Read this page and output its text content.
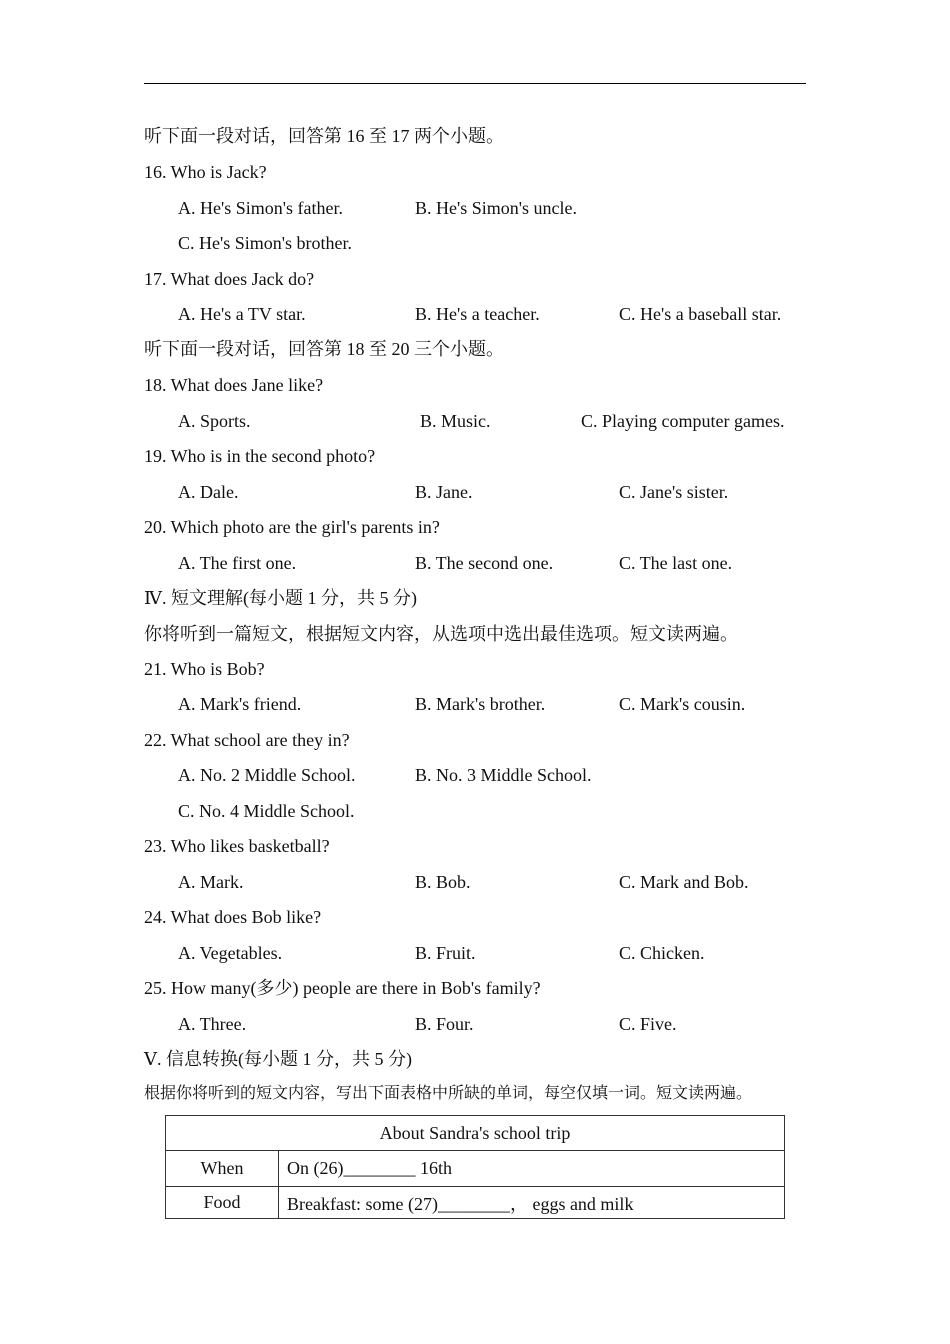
听下面一段对话，回答第 16 至 17 两个小题。
16. Who is Jack?
A. He's Simon's father.	B. He's Simon's uncle.
C. He's Simon's brother.
17. What does Jack do?
A. He's a TV star.	B. He's a teacher.	C. He's a baseball star.
听下面一段对话，回答第 18 至 20 三个小题。
18. What does Jane like?
A. Sports.	B. Music.	C. Playing computer games.
19. Who is in the second photo?
A. Dale.	B. Jane.	C. Jane's sister.
20. Which photo are the girl's parents in?
A. The first one.	B. The second one.	C. The last one.
Ⅳ. 短文理解(每小题 1 分，共 5 分)
你将听到一篇短文，根据短文内容，从选项中选出最佳选项。短文读两遍。
21. Who is Bob?
A. Mark's friend.	B. Mark's brother.	C. Mark's cousin.
22. What school are they in?
A. No. 2 Middle School.	B. No. 3 Middle School.
C. No. 4 Middle School.
23. Who likes basketball?
A. Mark.	B. Bob.	C. Mark and Bob.
24. What does Bob like?
A. Vegetables.	B. Fruit.	C. Chicken.
25. How many(多少) people are there in Bob's family?
A. Three.	B. Four.	C. Five.
Ⅴ. 信息转换(每小题 1 分，共 5 分)
根据你将听到的短文内容，写出下面表格中所缺的单词，每空仅填一词。短文读两遍。
About Sandra's school trip	
When	On (26)________ 16th
Food	Breakfast: some (27)________， eggs and milk
